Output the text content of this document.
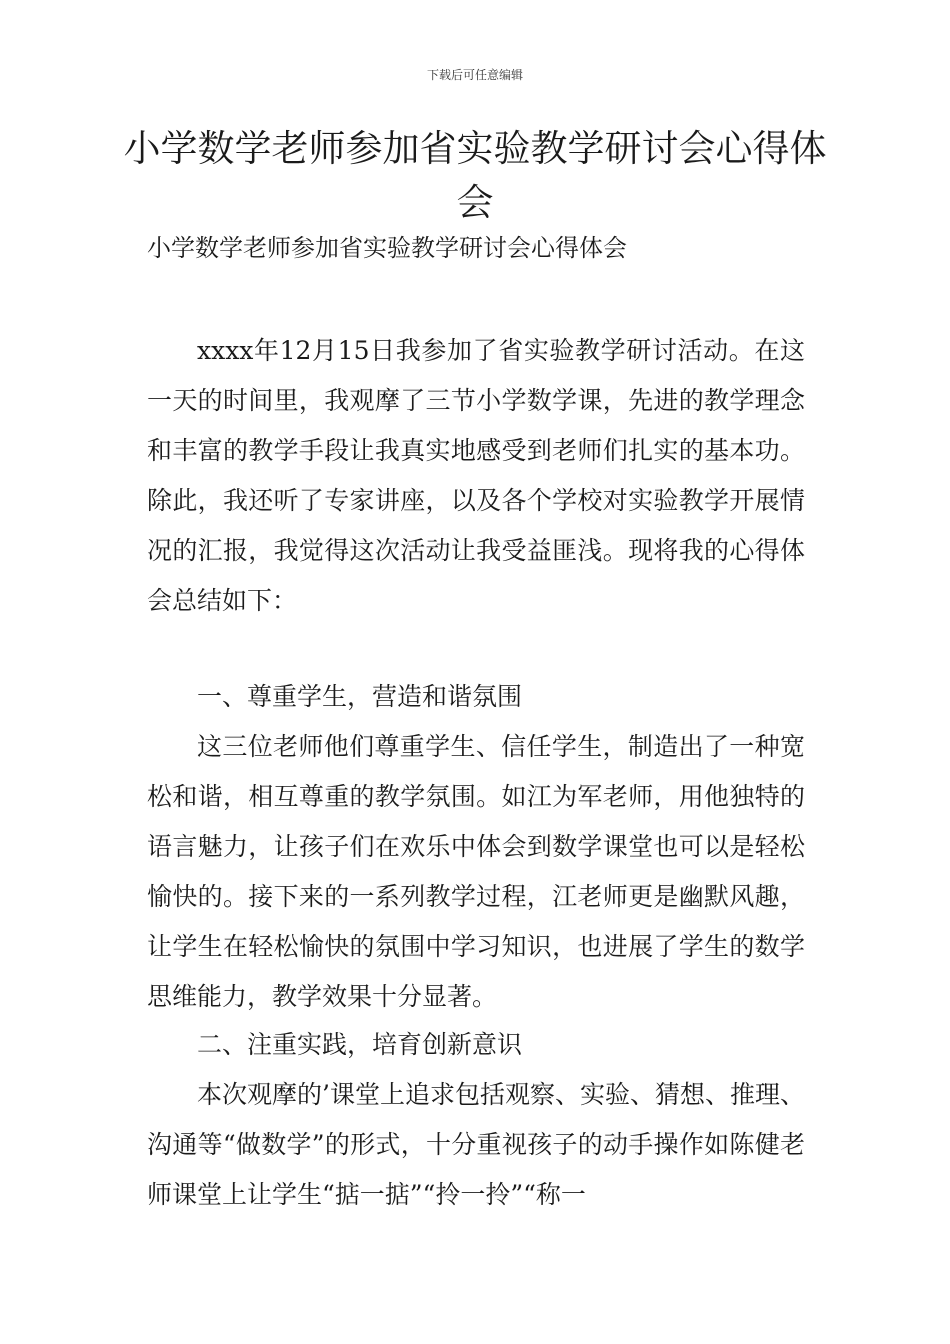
下载后可任意编辑
小学数学老师参加省实验教学研讨会心得体会
小学数学老师参加省实验教学研讨会心得体会
xxxx年12月15日我参加了省实验教学研讨活动。在这一天的时间里，我观摩了三节小学数学课，先进的教学理念和丰富的教学手段让我真实地感受到老师们扎实的基本功。除此，我还听了专家讲座，以及各个学校对实验教学开展情况的汇报，我觉得这次活动让我受益匪浅。现将我的心得体会总结如下：
一、尊重学生，营造和谐氛围
这三位老师他们尊重学生、信任学生，制造出了一种宽松和谐，相互尊重的教学氛围。如江为军老师，用他独特的语言魅力，让孩子们在欢乐中体会到数学课堂也可以是轻松愉快的。接下来的一系列教学过程，江老师更是幽默风趣，让学生在轻松愉快的氛围中学习知识，也进展了学生的数学思维能力，教学效果十分显著。
二、注重实践，培育创新意识
本次观摩的’课堂上追求包括观察、实验、猜想、推理、沟通等“做数学”的形式，十分重视孩子的动手操作如陈健老师课堂上让学生“掂一掂”“拎一拎”“称一
